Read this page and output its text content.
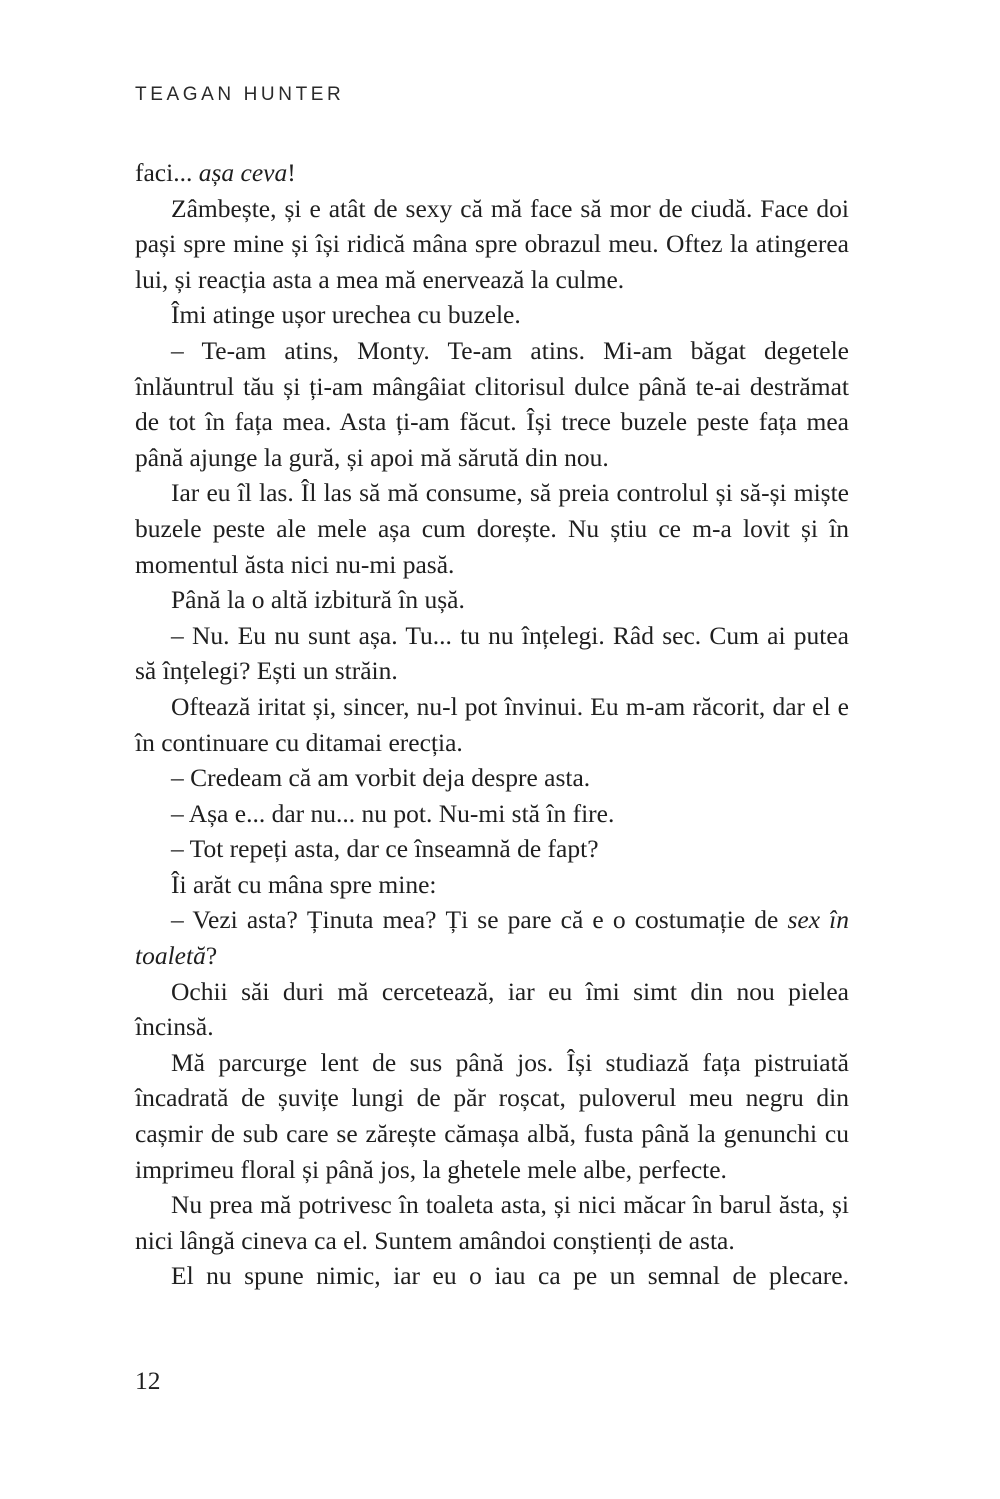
TEAGAN HUNTER

faci... așa ceva!

Zâmbește, și e atât de sexy că mă face să mor de ciudă. Face doi pași spre mine și își ridică mâna spre obrazul meu. Oftez la atingerea lui, și reacția asta a mea mă enervează la culme.

Îmi atinge ușor urechea cu buzele.

– Te-am atins, Monty. Te-am atins. Mi-am băgat degetele înlăuntrul tău și ți-am mângâiat clitorisul dulce până te-ai destrămat de tot în fața mea. Asta ți-am făcut. Își trece buzele peste fața mea până ajunge la gură, și apoi mă sărută din nou.

Iar eu îl las. Îl las să mă consume, să preia controlul și să-și miște buzele peste ale mele așa cum dorește. Nu știu ce m-a lovit și în momentul ăsta nici nu-mi pasă.

Până la o altă izbitură în ușă.

– Nu. Eu nu sunt așa. Tu... tu nu înțelegi. Râd sec. Cum ai putea să înțelegi? Ești un străin.

Oftează iritat și, sincer, nu-l pot învinui. Eu m-am răcorit, dar el e în continuare cu ditamai erecția.

– Credeam că am vorbit deja despre asta.

– Așa e... dar nu... nu pot. Nu-mi stă în fire.

– Tot repeți asta, dar ce înseamnă de fapt?

Îi arăt cu mâna spre mine:

– Vezi asta? Ținuta mea? Ți se pare că e o costumație de sex în toaletă?

Ochii săi duri mă cercetează, iar eu îmi simt din nou pielea încinsă.

Mă parcurge lent de sus până jos. Își studiază fața pistruiată încadrată de șuvițe lungi de păr roșcat, puloverul meu negru din cașmir de sub care se zărește cămașa albă, fusta până la genunchi cu imprimeu floral și până jos, la ghetele mele albe, perfecte.

Nu prea mă potrivesc în toaleta asta, și nici măcar în barul ăsta, și nici lângă cineva ca el. Suntem amândoi conștienți de asta.

El nu spune nimic, iar eu o iau ca pe un semnal de plecare.

12
